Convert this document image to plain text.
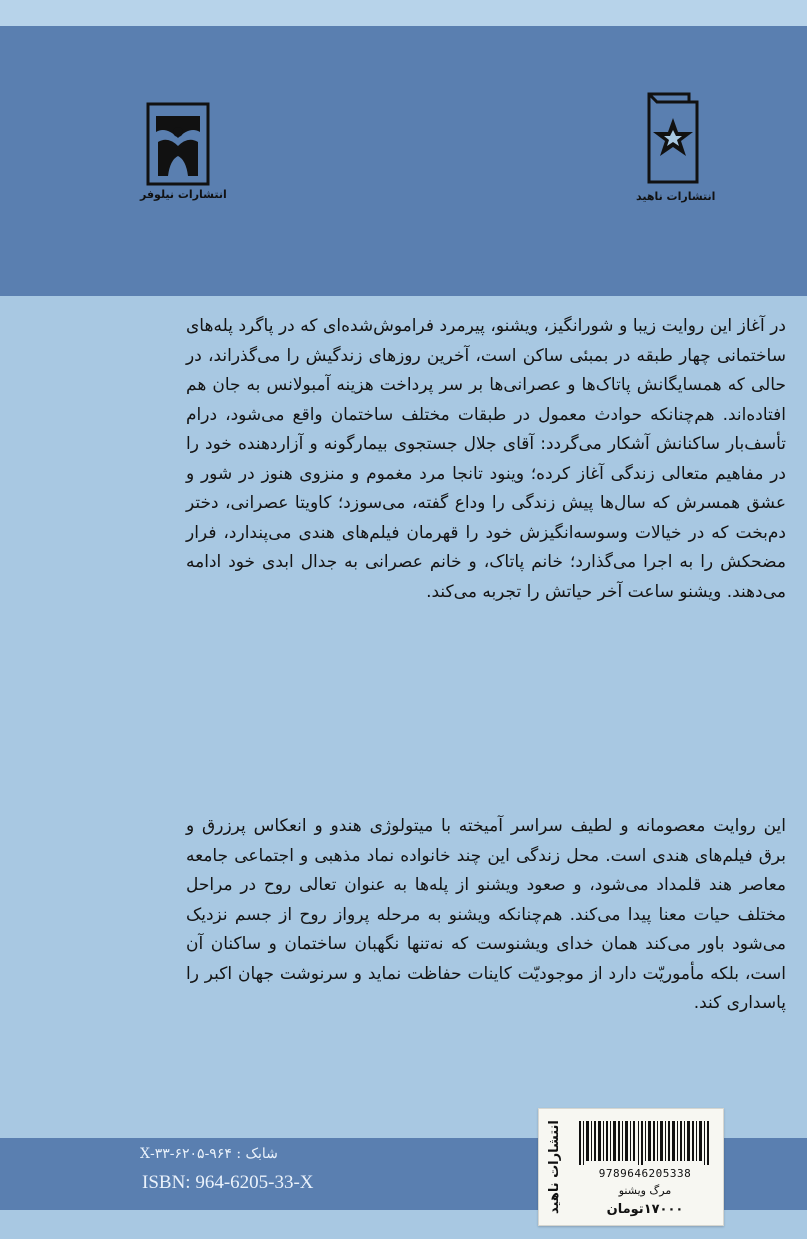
انتشارات نیلوفر	انتشارات ناهید

در آغاز این روایت زیبا و شورانگیز، ویشنو، پیرمرد فراموش‌شده‌ای که در پاگرد پله‌های ساختمانی چهار طبقه در بمبئی ساکن است، آخرین روزهای زندگیش را می‌گذراند، در حالی که همسایگانش پاتاک‌ها و عصرانی‌ها بر سر پرداخت هزینه آمبولانس به جان هم افتاده‌اند. هم‌چنانکه حوادث معمول در طبقات مختلف ساختمان واقع می‌شود، درام تأسف‌بار ساکنانش آشکار می‌گردد: آقای جلال جستجوی بیمارگونه و آزاردهنده خود را در مفاهیم متعالی زندگی آغاز کرده؛ وینود تانجا مرد مغموم و منزوی هنوز در شور و عشق همسرش که سال‌ها پیش زندگی را وداع گفته، می‌سوزد؛ کاویتا عصرانی، دختر دم‌بخت که در خیالات وسوسه‌انگیزش خود را قهرمان فیلم‌های هندی می‌پندارد، فرار مضحکش را به اجرا می‌گذارد؛ خانم پاتاک، و خانم عصرانی به جدال ابدی خود ادامه می‌دهند. ویشنو ساعت آخر حیاتش را تجربه می‌کند.

این روایت معصومانه و لطیف سراسر آمیخته با میتولوژی هندو و انعکاس پرزرق و برق فیلم‌های هندی است. محل زندگی این چند خانواده نماد مذهبی و اجتماعی جامعه معاصر هند قلمداد می‌شود، و صعود ویشنو از پله‌ها به عنوان تعالی روح در مراحل مختلف حیات معنا پیدا می‌کند. هم‌چنانکه ویشنو به مرحله پرواز روح از جسم نزدیک می‌شود باور می‌کند همان خدای ویشنوست که نه‌تنها نگهبان ساختمان و ساکنان آن است، بلکه مأموریّت دارد از موجودیّت کاینات حفاظت نماید و سرنوشت جهان اکبر را پاسداری کند.

شابک : ۹۶۴-۶۲۰۵-۳۳-X
ISBN: 964-6205-33-X	انتشارات ناهید	9789646205338
مرگ ویشنو
۱۷۰۰۰تومان
